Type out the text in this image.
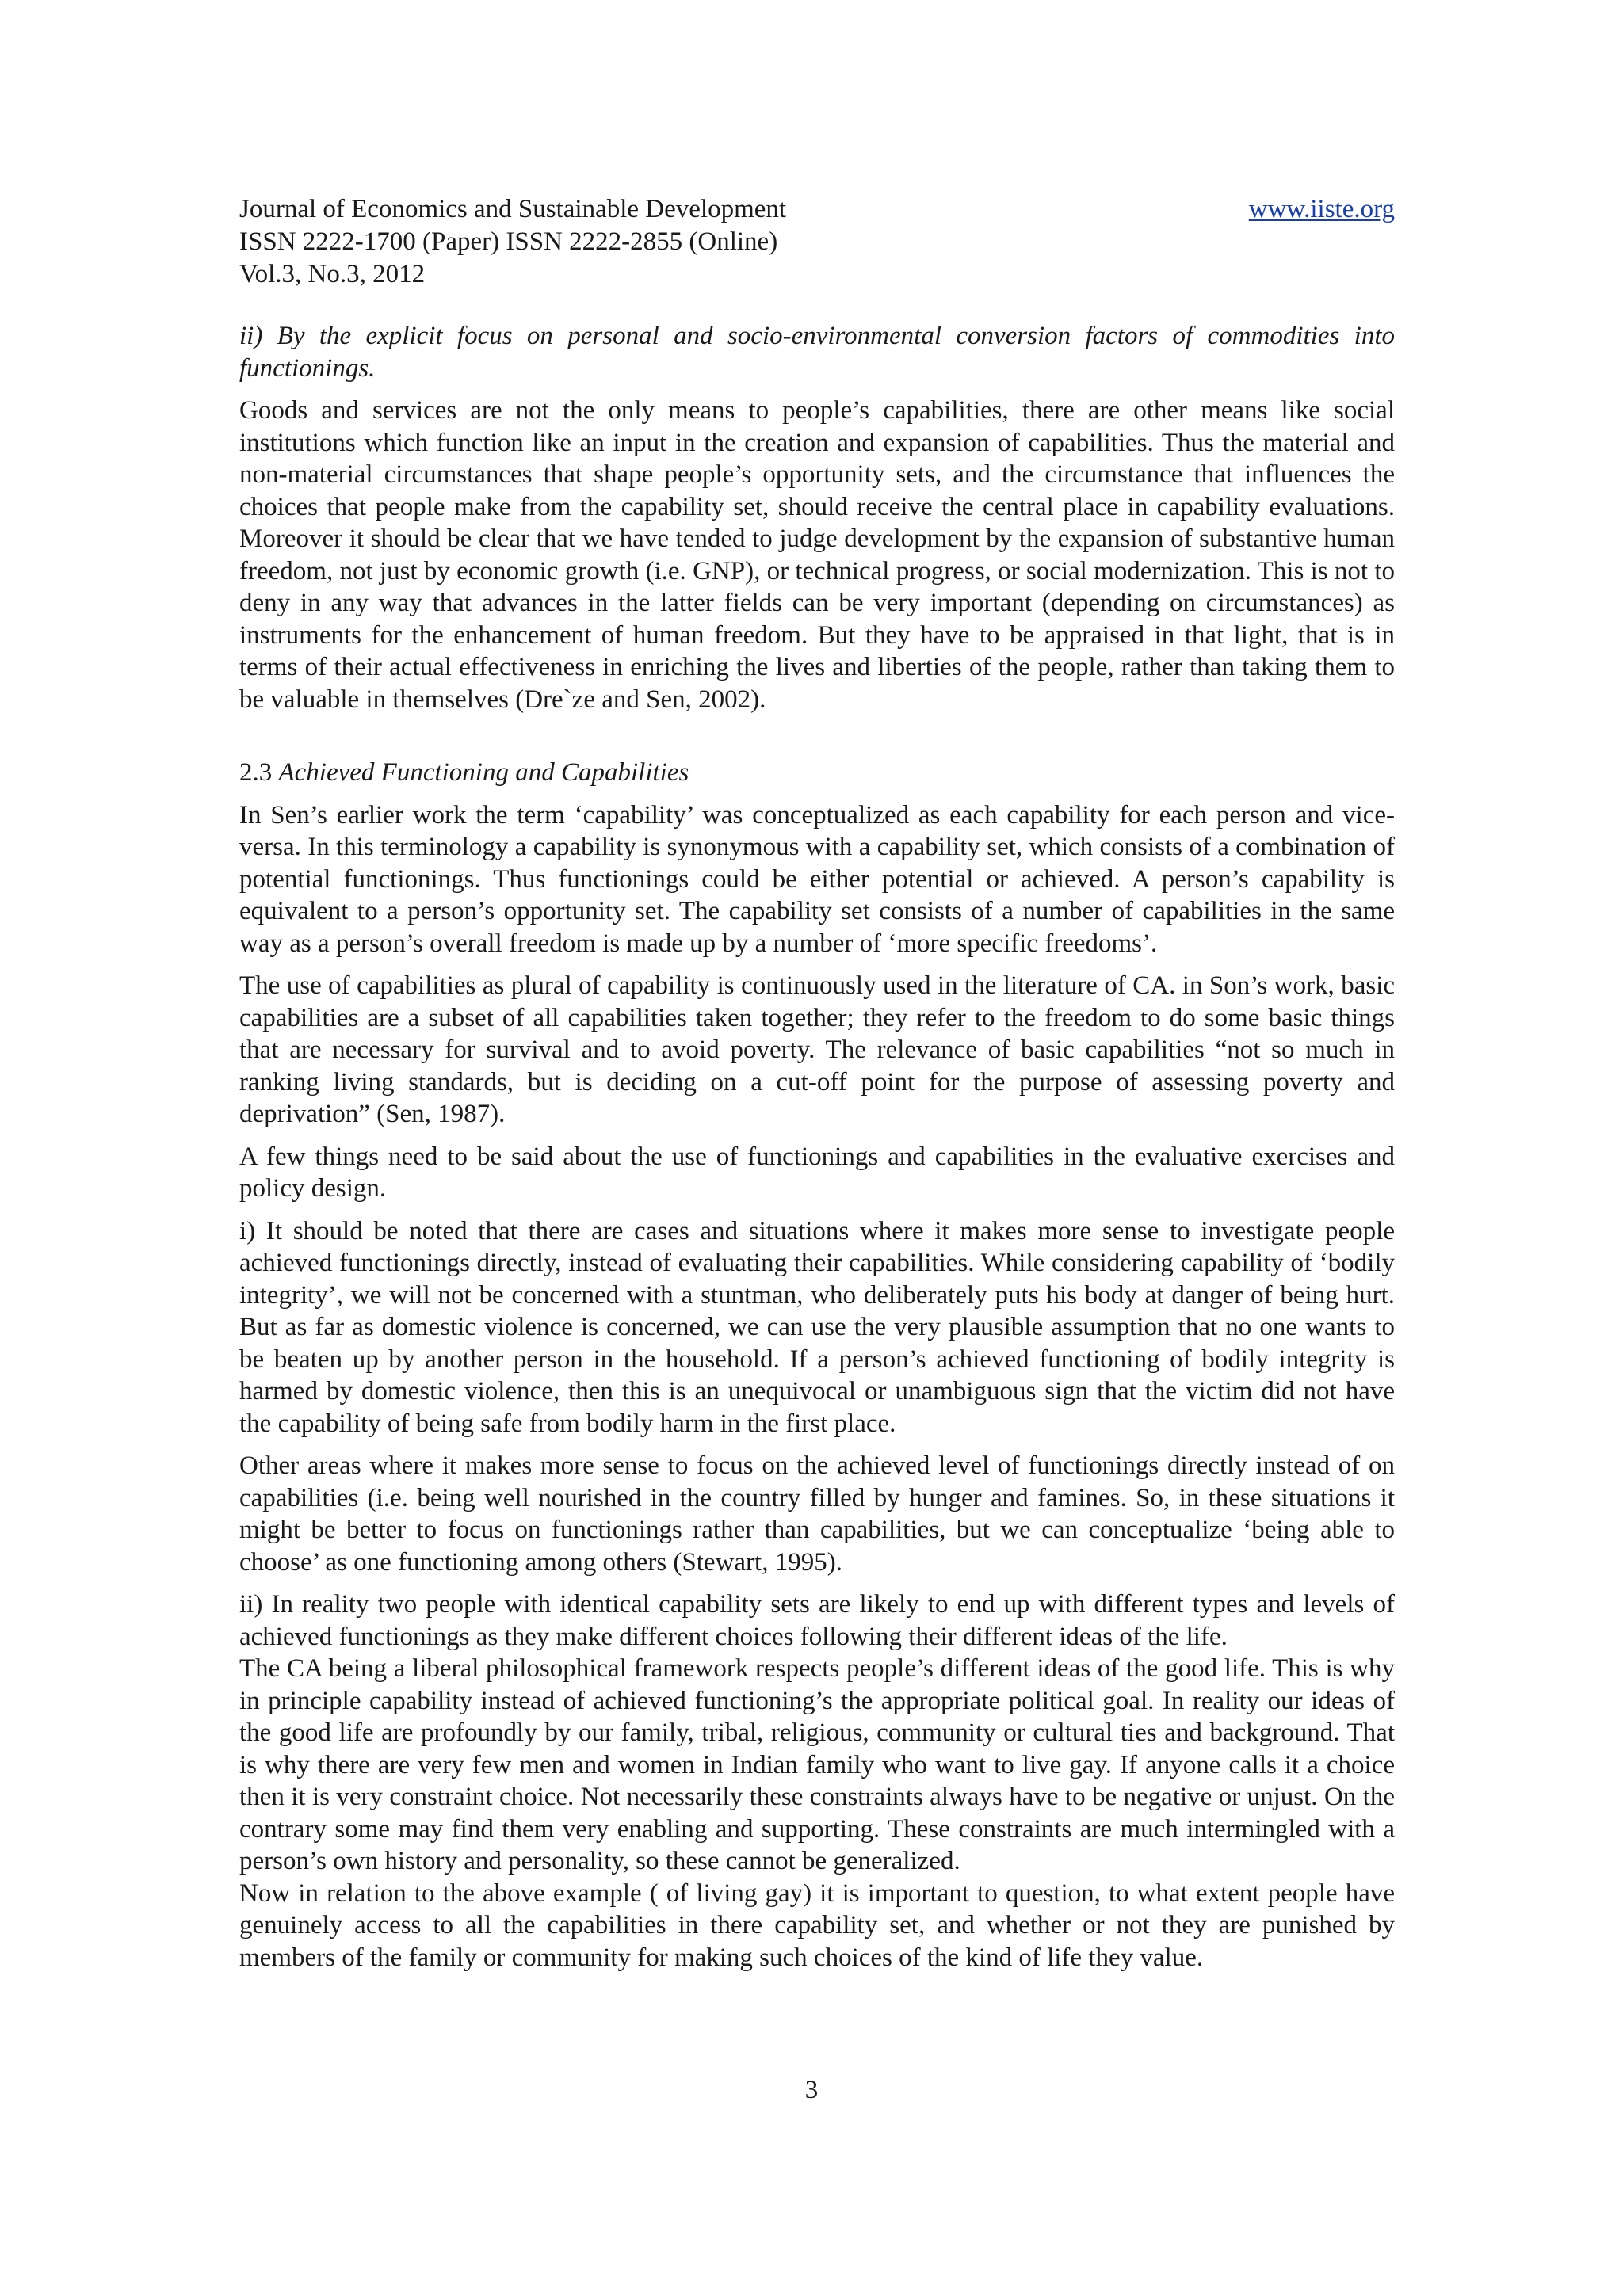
Journal of Economics and Sustainable Development	www.iiste.org
ISSN 2222-1700 (Paper) ISSN 2222-2855 (Online)
Vol.3, No.3, 2012

ii) By the explicit focus on personal and socio-environmental conversion factors of commodities into functionings.

Goods and services are not the only means to people’s capabilities, there are other means like social institutions which function like an input in the creation and expansion of capabilities. Thus the material and non-material circumstances that shape people’s opportunity sets, and the circumstance that influences the choices that people make from the capability set, should receive the central place in capability evaluations. Moreover it should be clear that we have tended to judge development by the expansion of substantive human freedom, not just by economic growth (i.e. GNP), or technical progress, or social modernization. This is not to deny in any way that advances in the latter fields can be very important (depending on circumstances) as instruments for the enhancement of human freedom. But they have to be appraised in that light, that is in terms of their actual effectiveness in enriching the lives and liberties of the people, rather than taking them to be valuable in themselves (Dre`ze and Sen, 2002).

2.3 Achieved Functioning and Capabilities

In Sen’s earlier work the term ‘capability’ was conceptualized as each capability for each person and vice-versa. In this terminology a capability is synonymous with a capability set, which consists of a combination of potential functionings. Thus functionings could be either potential or achieved. A person’s capability is equivalent to a person’s opportunity set. The capability set consists of a number of capabilities in the same way as a person’s overall freedom is made up by a number of ‘more specific freedoms’.

The use of capabilities as plural of capability is continuously used in the literature of CA. in Son’s work, basic capabilities are a subset of all capabilities taken together; they refer to the freedom to do some basic things that are necessary for survival and to avoid poverty. The relevance of basic capabilities “not so much in ranking living standards, but is deciding on a cut-off point for the purpose of assessing poverty and deprivation” (Sen, 1987).

A few things need to be said about the use of functionings and capabilities in the evaluative exercises and policy design.

i) It should be noted that there are cases and situations where it makes more sense to investigate people achieved functionings directly, instead of evaluating their capabilities. While considering capability of ‘bodily integrity’, we will not be concerned with a stuntman, who deliberately puts his body at danger of being hurt. But as far as domestic violence is concerned, we can use the very plausible assumption that no one wants to be beaten up by another person in the household. If a person’s achieved functioning of bodily integrity is harmed by domestic violence, then this is an unequivocal or unambiguous sign that the victim did not have the capability of being safe from bodily harm in the first place.

Other areas where it makes more sense to focus on the achieved level of functionings directly instead of on capabilities (i.e. being well nourished in the country filled by hunger and famines. So, in these situations it might be better to focus on functionings rather than capabilities, but we can conceptualize ‘being able to choose’ as one functioning among others (Stewart, 1995).

ii) In reality two people with identical capability sets are likely to end up with different types and levels of achieved functionings as they make different choices following their different ideas of the life.

The CA being a liberal philosophical framework respects people’s different ideas of the good life. This is why in principle capability instead of achieved functioning’s the appropriate political goal. In reality our ideas of the good life are profoundly by our family, tribal, religious, community or cultural ties and background. That is why there are very few men and women in Indian family who want to live gay. If anyone calls it a choice then it is very constraint choice. Not necessarily these constraints always have to be negative or unjust. On the contrary some may find them very enabling and supporting. These constraints are much intermingled with a person’s own history and personality, so these cannot be generalized.

Now in relation to the above example ( of living gay) it is important to question, to what extent people have genuinely access to all the capabilities in there capability set, and whether or not they are punished by members of the family or community for making such choices of the kind of life they value.

3
